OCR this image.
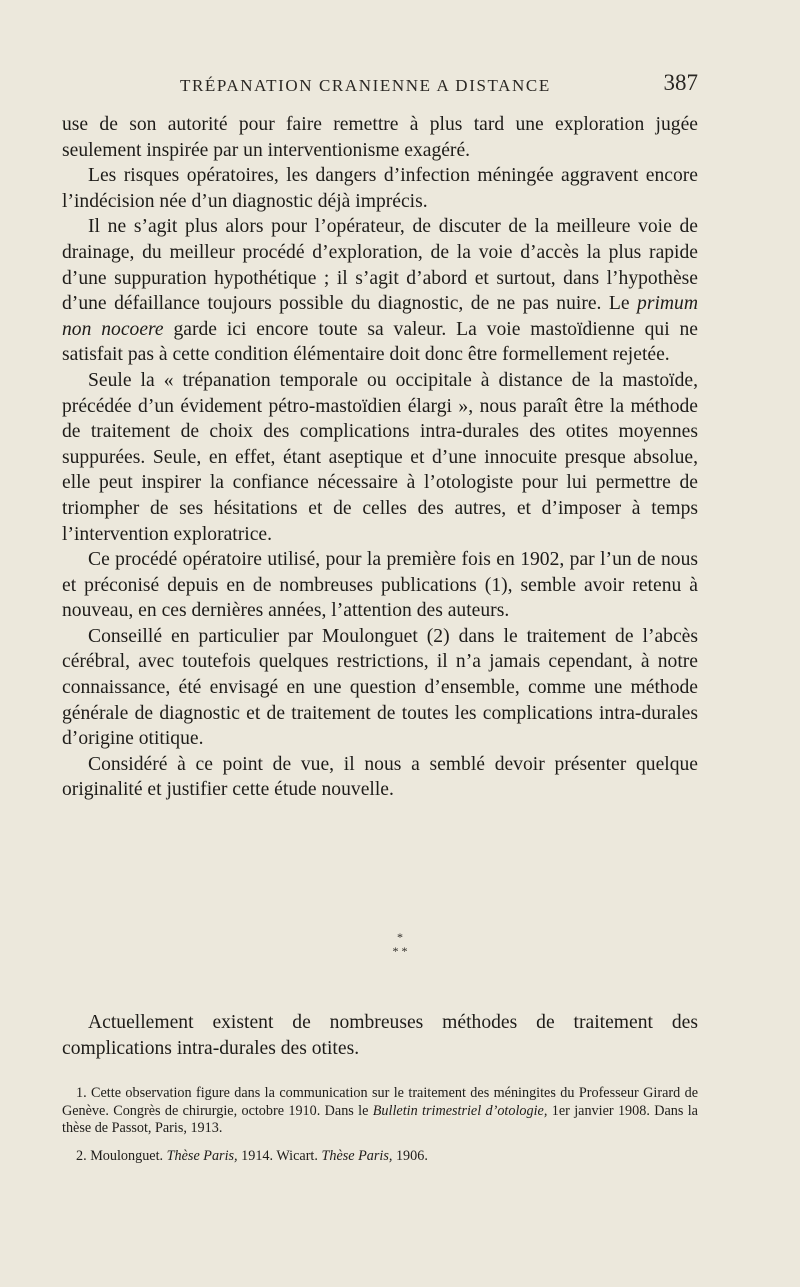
TRÉPANATION CRANIENNE A DISTANCE	387

use de son autorité pour faire remettre à plus tard une exploration jugée seulement inspirée par un interventionisme exagéré.

Les risques opératoires, les dangers d’infection méningée aggravent encore l’indécision née d’un diagnostic déjà imprécis.

Il ne s’agit plus alors pour l’opérateur, de discuter de la meilleure voie de drainage, du meilleur procédé d’exploration, de la voie d’accès la plus rapide d’une suppuration hypothétique ; il s’agit d’abord et surtout, dans l’hypothèse d’une défaillance toujours possible du diagnostic, de ne pas nuire. Le primum non nocoere garde ici encore toute sa valeur. La voie mastoïdienne qui ne satisfait pas à cette condition élémentaire doit donc être formellement rejetée.

Seule la « trépanation temporale ou occipitale à distance de la mastoïde, précédée d’un évidement pétro-mastoïdien élargi », nous paraît être la méthode de traitement de choix des complications intra-durales des otites moyennes suppurées. Seule, en effet, étant aseptique et d’une innocuite presque absolue, elle peut inspirer la confiance nécessaire à l’otologiste pour lui permettre de triompher de ses hésitations et de celles des autres, et d’imposer à temps l’intervention exploratrice.

Ce procédé opératoire utilisé, pour la première fois en 1902, par l’un de nous et préconisé depuis en de nombreuses publications (1), semble avoir retenu à nouveau, en ces dernières années, l’attention des auteurs.

Conseillé en particulier par Moulonguet (2) dans le traitement de l’abcès cérébral, avec toutefois quelques restrictions, il n’a jamais cependant, à notre connaissance, été envisagé en une question d’ensemble, comme une méthode générale de diagnostic et de traitement de toutes les complications intra-durales d’origine otitique.

Considéré à ce point de vue, il nous a semblé devoir présenter quelque originalité et justifier cette étude nouvelle.

*
* *

Actuellement existent de nombreuses méthodes de traitement des complications intra-durales des otites.

1. Cette observation figure dans la communication sur le traitement des méningites du Professeur Girard de Genève. Congrès de chirurgie, octobre 1910. Dans le Bulletin trimestriel d’otologie, 1er janvier 1908. Dans la thèse de Passot, Paris, 1913.

2. Moulonguet. Thèse Paris, 1914. Wicart. Thèse Paris, 1906.
